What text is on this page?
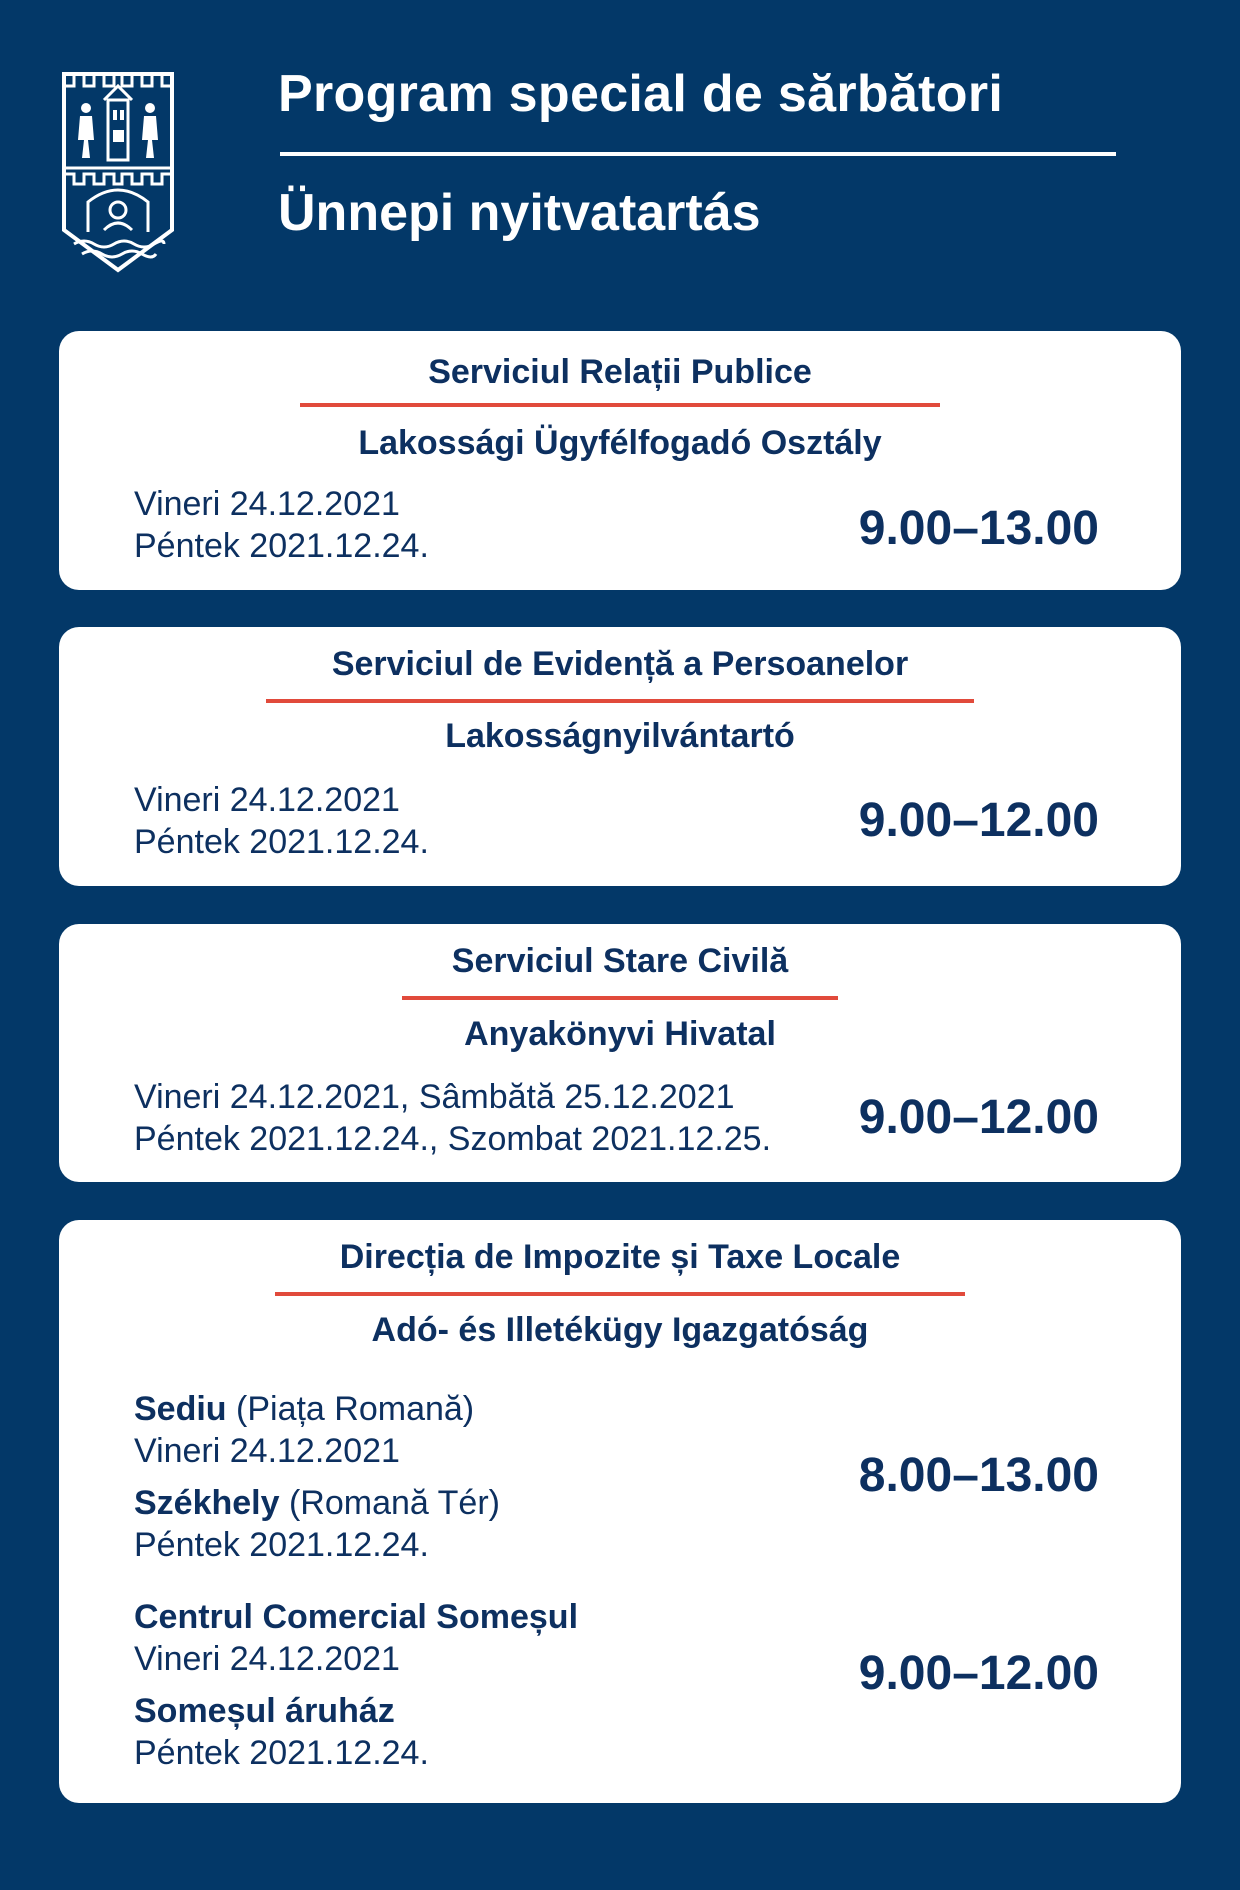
Program special de sărbători
Ünnepi nyitvatartás
Serviciul Relații Publice
Lakossági Ügyfélfogadó Osztály
Vineri 24.12.2021
Péntek 2021.12.24.	9.00–13.00
Serviciul de Evidență a Persoanelor
Lakosságnyilvántartó
Vineri 24.12.2021
Péntek 2021.12.24.	9.00–12.00
Serviciul Stare Civilă
Anyakönyvi Hivatal
Vineri 24.12.2021, Sâmbătă 25.12.2021
Péntek 2021.12.24., Szombat 2021.12.25. 9.00–12.00
Direcția de Impozite și Taxe Locale
Adó- és Illetékügy Igazgatóság
Sediu (Piața Romană)
Vineri 24.12.2021
Székhely (Romană Tér)
Péntek 2021.12.24.
8.00–13.00
Centrul Comercial Someșul
Vineri 24.12.2021
Someșul áruház
Péntek 2021.12.24.
9.00–12.00
